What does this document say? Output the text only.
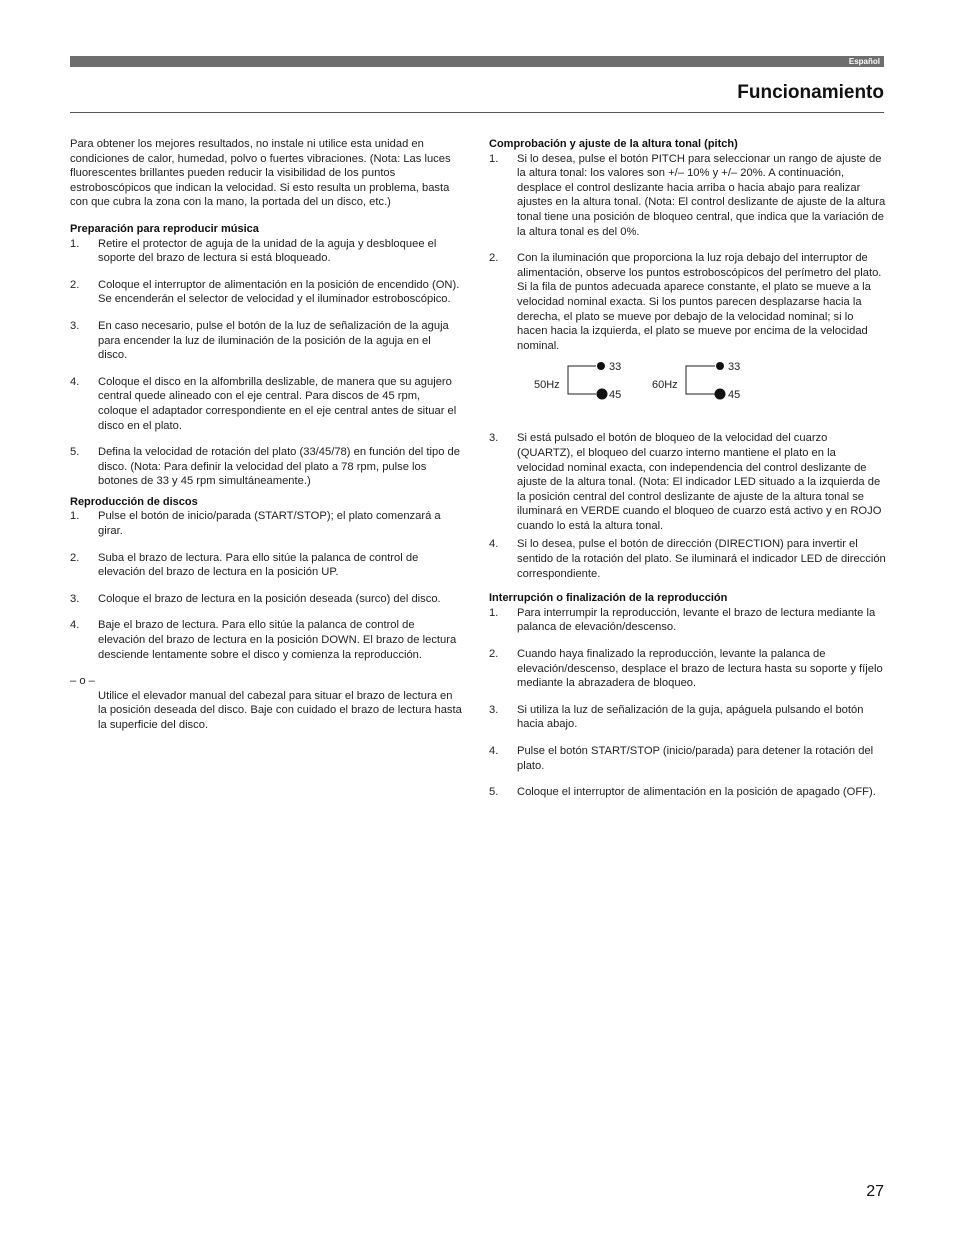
Español
Funcionamiento

Para obtener los mejores resultados, no instale ni utilice esta unidad en condiciones de calor, humedad, polvo o fuertes vibraciones. (Nota: Las luces fluorescentes brillantes pueden reducir la visibilidad de los puntos estroboscópicos que indican la velocidad. Si esto resulta un problema, basta con que cubra la zona con la mano, la portada del un disco, etc.)

Preparación para reproducir música
1.	Retire el protector de aguja de la unidad de la aguja y desbloquee el soporte del brazo de lectura si está bloqueado.
2.	Coloque el interruptor de alimentación en la posición de encendido (ON). Se encenderán el selector de velocidad y el iluminador estroboscópico.
3.	En caso necesario, pulse el botón de la luz de señalización de la aguja para encender la luz de iluminación de la posición de la aguja en el disco.
4.	Coloque el disco en la alfombrilla deslizable, de manera que su agujero central quede alineado con el eje central. Para discos de 45 rpm, coloque el adaptador correspondiente en el eje central antes de situar el disco en el plato.
5.	Defina la velocidad de rotación del plato (33/45/78) en función del tipo de disco. (Nota: Para definir la velocidad del plato a 78 rpm, pulse los botones de 33 y 45 rpm simultáneamente.)
Reproducción de discos
1.	Pulse el botón de inicio/parada (START/STOP); el plato comenzará a girar.
2.	Suba el brazo de lectura. Para ello sitúe la palanca de control de elevación del brazo de lectura en la posición UP.
3.	Coloque el brazo de lectura en la posición deseada (surco) del disco.
4.	Baje el brazo de lectura. Para ello sitúe la palanca de control de elevación del brazo de lectura en la posición DOWN. El brazo de lectura desciende lentamente sobre el disco y comienza la reproducción.

– o –

Utilice el elevador manual del cabezal para situar el brazo de lectura en la posición deseada del disco. Baje con cuidado el brazo de lectura hasta la superficie del disco.

Comprobación y ajuste de la altura tonal (pitch)
1.	Si lo desea, pulse el botón PITCH para seleccionar un rango de ajuste de la altura tonal: los valores son +/– 10% y +/– 20%. A continuación, desplace el control deslizante hacia arriba o hacia abajo para realizar ajustes en la altura tonal. (Nota: El control deslizante de ajuste de la altura tonal tiene una posición de bloqueo central, que indica que la variación de la altura tonal es del 0%.
2.	Con la iluminación que proporciona la luz roja debajo del interruptor de alimentación, observe los puntos estroboscópicos del perímetro del plato. Si la fila de puntos adecuada aparece constante, el plato se mueve a la velocidad nominal exacta. Si los puntos parecen desplazarse hacia la derecha, el plato se mueve por debajo de la velocidad nominal; si lo hacen hacia la izquierda, el plato se mueve por encima de la velocidad nominal.
50Hz
33
45
60Hz
33
45
3.	Si está pulsado el botón de bloqueo de la velocidad del cuarzo (QUARTZ), el bloqueo del cuarzo interno mantiene el plato en la velocidad nominal exacta, con independencia del control deslizante de ajuste de la altura tonal. (Nota: El indicador LED situado a la izquierda de la posición central del control deslizante de ajuste de la altura tonal se iluminará en VERDE cuando el bloqueo de cuarzo está activo y en ROJO cuando lo está la altura tonal.
4.	Si lo desea, pulse el botón de dirección (DIRECTION) para invertir el sentido de la rotación del plato. Se iluminará el indicador LED de dirección correspondiente.
Interrupción o finalización de la reproducción
1.	Para interrumpir la reproducción, levante el brazo de lectura mediante la palanca de elevación/descenso.
2.	Cuando haya finalizado la reproducción, levante la palanca de elevación/descenso, desplace el brazo de lectura hasta su soporte y fíjelo mediante la abrazadera de bloqueo.
3.	Si utiliza la luz de señalización de la guja, apáguela pulsando el botón hacia abajo.
4.	Pulse el botón START/STOP (inicio/parada) para detener la rotación del plato.
5.	Coloque el interruptor de alimentación en la posición de apagado (OFF).
27
